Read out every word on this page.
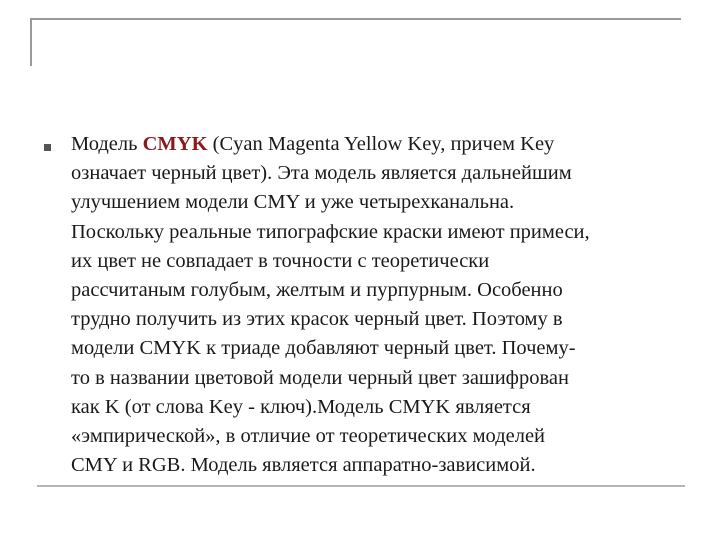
Модель CMYK (Cyan Magenta Yellow Key, причем Key
означает черный цвет). Эта модель является дальнейшим
улучшением модели CMY и уже четырехканальна.
Поскольку реальные типографские краски имеют примеси,
их цвет не совпадает в точности с теоретически
рассчитаным голубым, желтым и пурпурным. Особенно
трудно получить из этих красок черный цвет. Поэтому в
модели CMYK к триаде добавляют черный цвет. Почему-
то в названии цветовой модели черный цвет зашифрован
как K (от слова Key - ключ).Модель CMYK является
«эмпирической», в отличие от теоретических моделей
CMY и RGB. Модель является аппаратно-зависимой.
